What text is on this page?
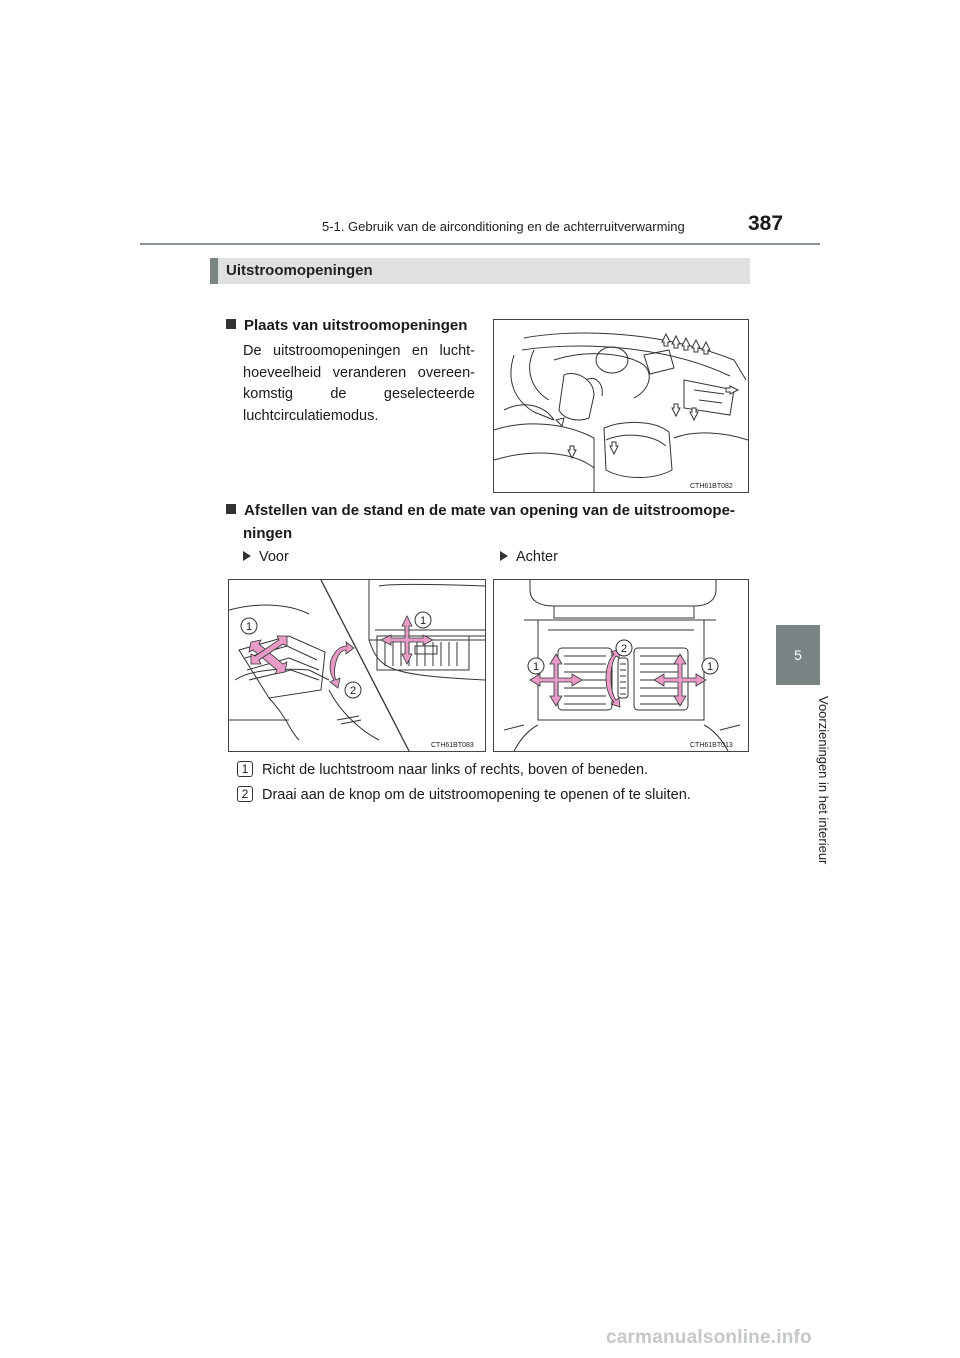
5-1. Gebruik van de airconditioning en de achterruitverwarming	387
5
Voorzieningen in het interieur
Uitstroomopeningen
Plaats van uitstroomopeningen

De uitstroomopeningen en lucht-
hoeveelheid veranderen overeen-
komstig de geselecteerde
luchtcirculatiemodus.

CTH61BT082
Afstellen van de stand en de mate van opening van de uitstroomope-
ningen
Voor	Achter
1	1
2
CTH61BT083
1
2
1
CTH61BT013
1 Richt de luchtstroom naar links of rechts, boven of beneden.
2 Draai aan de knop om de uitstroomopening te openen of te sluiten.
carmanualsonline.info
